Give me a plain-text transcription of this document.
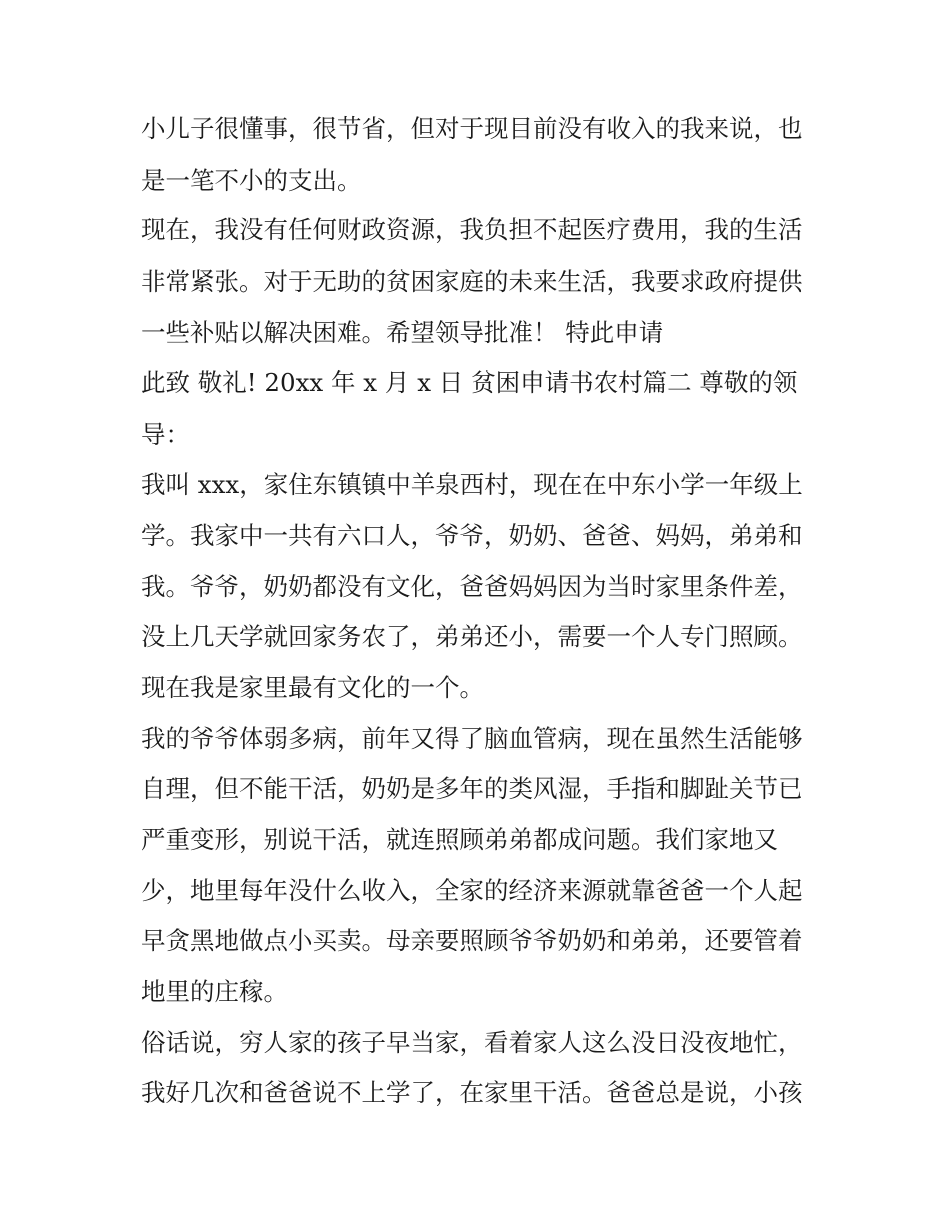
小儿子很懂事，很节省，但对于现目前没有收入的我来说，也
是一笔不小的支出。
现在，我没有任何财政资源，我负担不起医疗费用，我的生活
非常紧张。对于无助的贫困家庭的未来生活，我要求政府提供
一些补贴以解决困难。希望领导批准！ 特此申请
此致 敬礼! 20xx 年 x 月 x 日 贫困申请书农村篇二 尊敬的领
导：
我叫 xxx，家住东镇镇中羊泉西村，现在在中东小学一年级上
学。我家中一共有六口人，爷爷，奶奶、爸爸、妈妈，弟弟和
我。爷爷，奶奶都没有文化，爸爸妈妈因为当时家里条件差，
没上几天学就回家务农了，弟弟还小，需要一个人专门照顾。
现在我是家里最有文化的一个。
我的爷爷体弱多病，前年又得了脑血管病，现在虽然生活能够
自理，但不能干活，奶奶是多年的类风湿，手指和脚趾关节已
严重变形，别说干活，就连照顾弟弟都成问题。我们家地又
少，地里每年没什么收入，全家的经济来源就靠爸爸一个人起
早贪黑地做点小买卖。母亲要照顾爷爷奶奶和弟弟，还要管着
地里的庄稼。
俗话说，穷人家的孩子早当家，看着家人这么没日没夜地忙，
我好几次和爸爸说不上学了，在家里干活。爸爸总是说，小孩
